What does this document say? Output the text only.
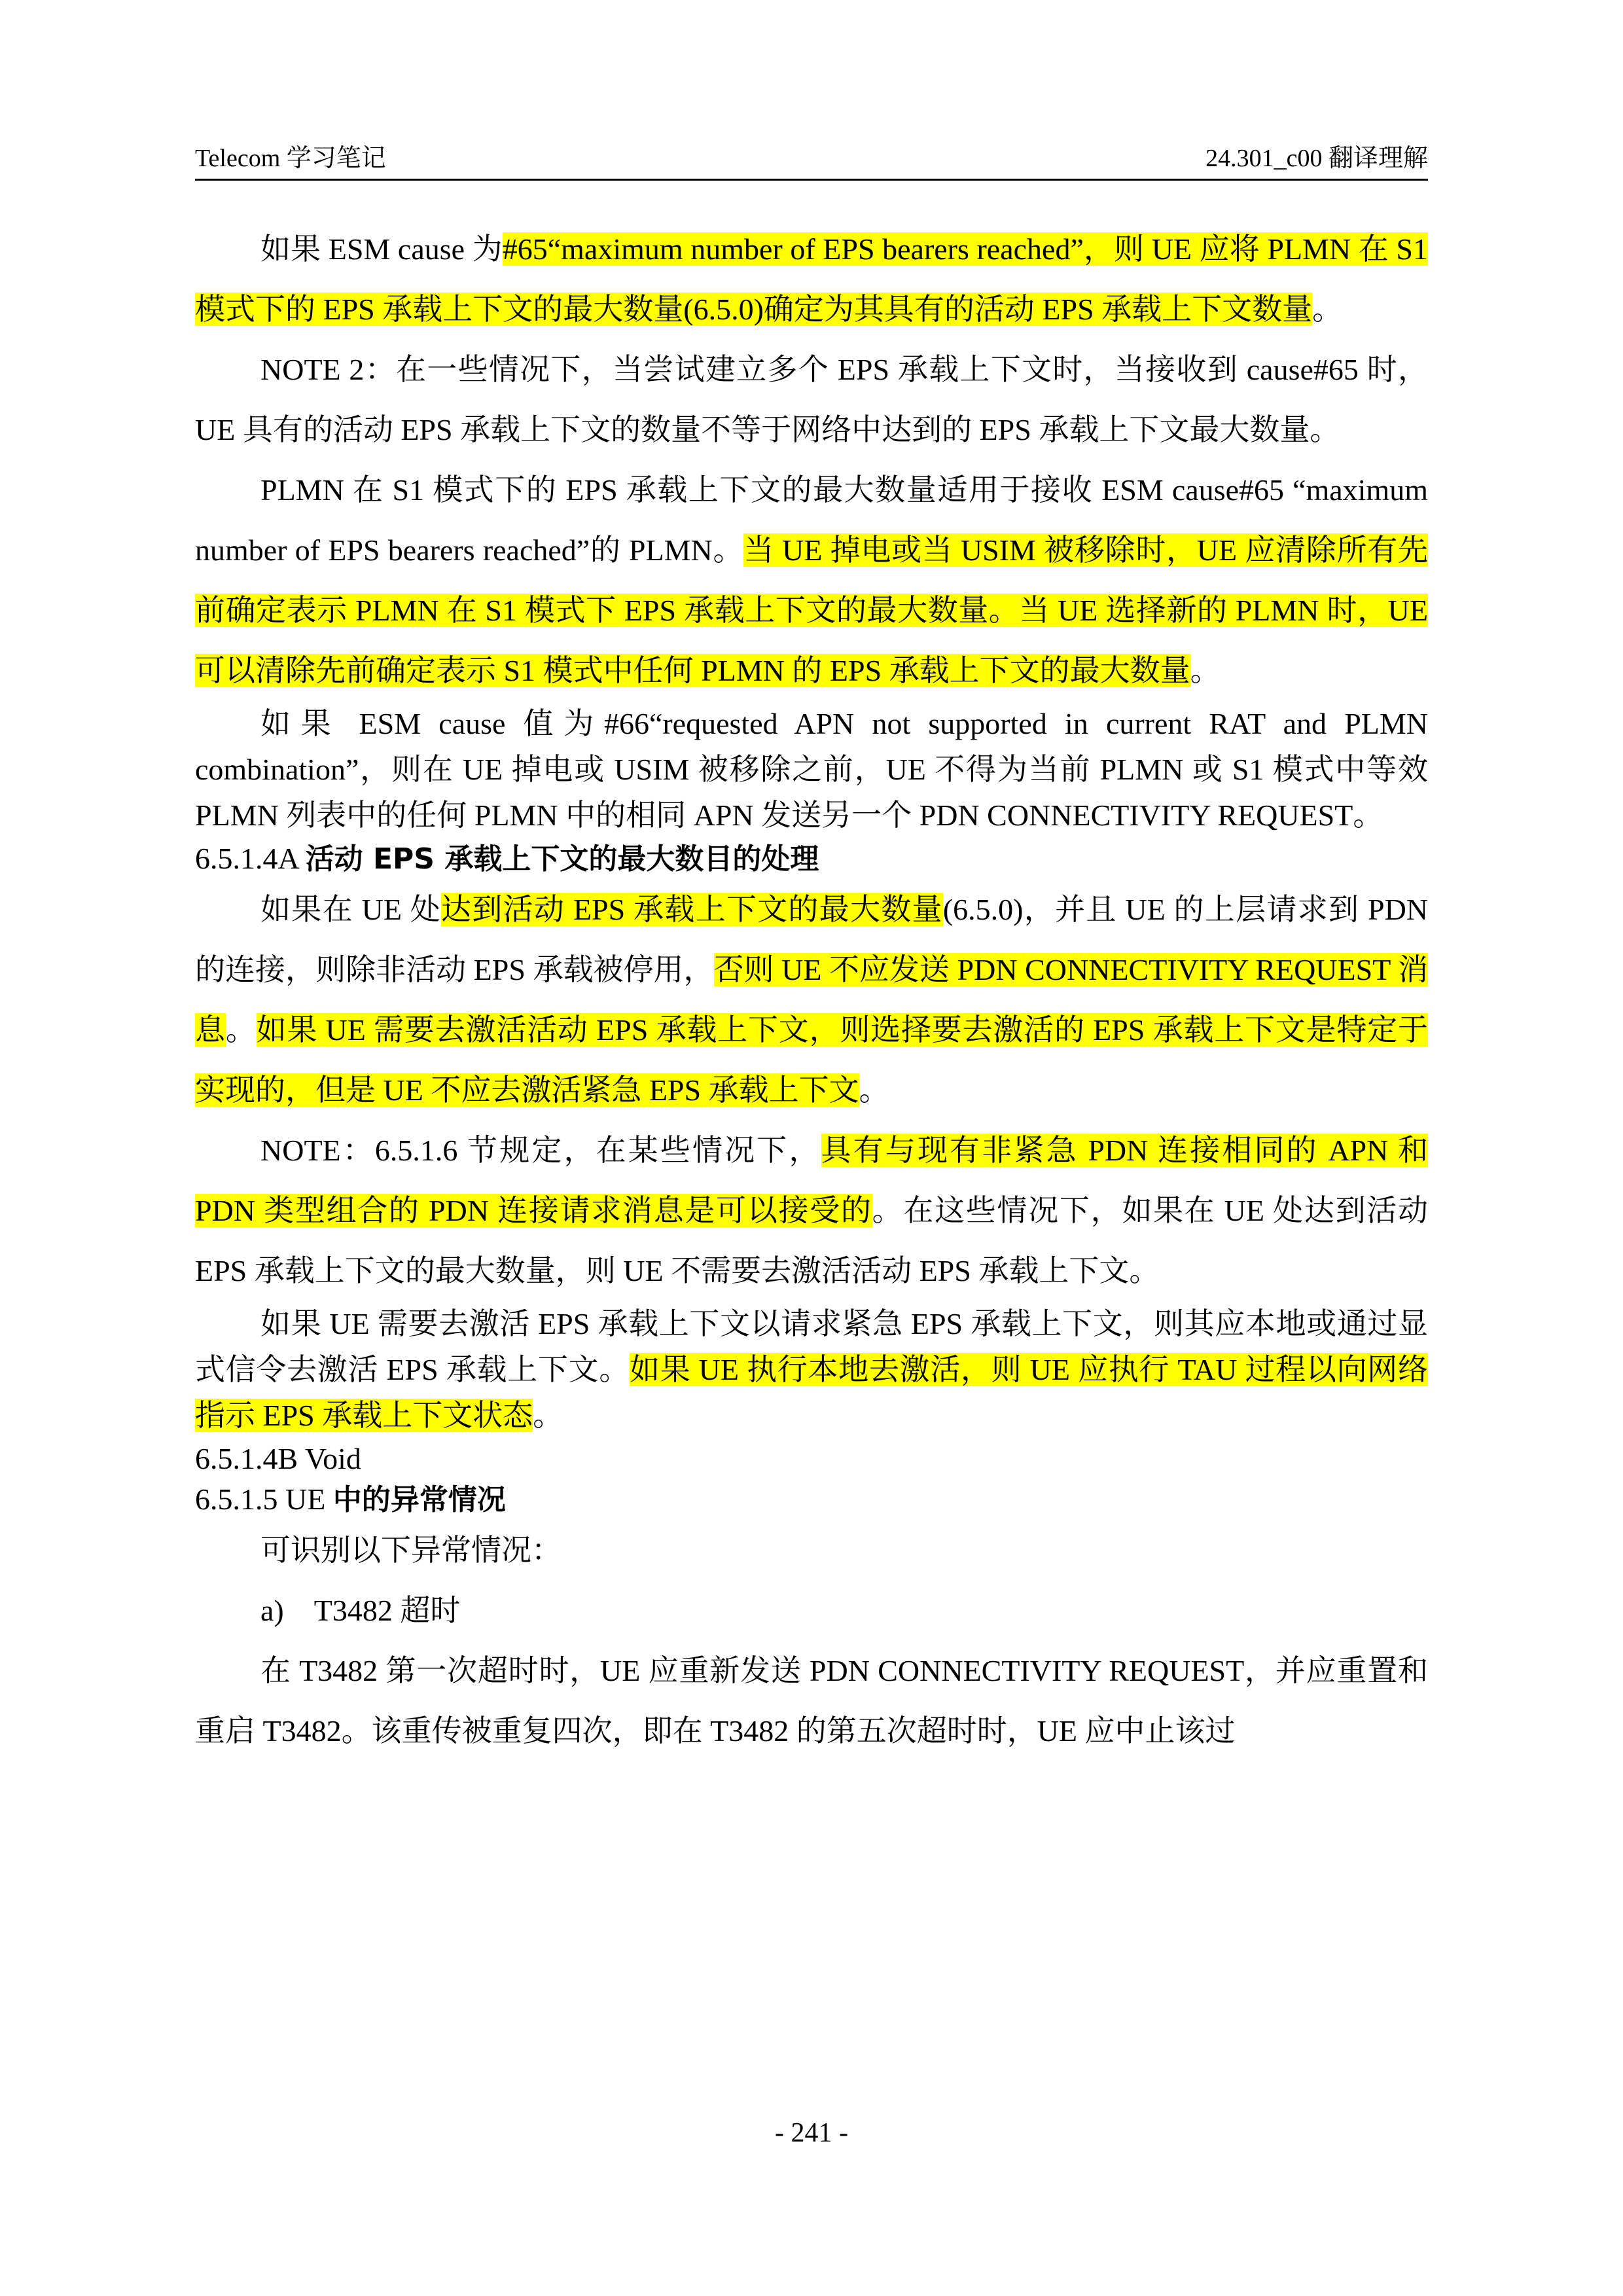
Telecom 学习笔记	24.301_c00 翻译理解

如果 ESM cause 为#65“maximum number of EPS bearers reached”，则 UE 应将 PLMN 在 S1 模式下的 EPS 承载上下文的最大数量(6.5.0)确定为其具有的活动 EPS 承载上下文数量。

NOTE 2：在一些情况下，当尝试建立多个 EPS 承载上下文时，当接收到 cause#65 时，UE 具有的活动 EPS 承载上下文的数量不等于网络中达到的 EPS 承载上下文最大数量。

PLMN 在 S1 模式下的 EPS 承载上下文的最大数量适用于接收 ESM cause#65 “maximum number of EPS bearers reached”的 PLMN。当 UE 掉电或当 USIM 被移除时，UE 应清除所有先前确定表示 PLMN 在 S1 模式下 EPS 承载上下文的最大数量。当 UE 选择新的 PLMN 时，UE 可以清除先前确定表示 S1 模式中任何 PLMN 的 EPS 承载上下文的最大数量。

如果 ESM cause 值为#66“requested APN not supported in current RAT and PLMN combination”，则在 UE 掉电或 USIM 被移除之前，UE 不得为当前 PLMN 或 S1 模式中等效 PLMN 列表中的任何 PLMN 中的相同 APN 发送另一个 PDN CONNECTIVITY REQUEST。

6.5.1.4A 活动 EPS 承载上下文的最大数目的处理

如果在 UE 处达到活动 EPS 承载上下文的最大数量(6.5.0)，并且 UE 的上层请求到 PDN 的连接，则除非活动 EPS 承载被停用，否则 UE 不应发送 PDN CONNECTIVITY REQUEST 消息。如果 UE 需要去激活活动 EPS 承载上下文，则选择要去激活的 EPS 承载上下文是特定于实现的，但是 UE 不应去激活紧急 EPS 承载上下文。

NOTE：6.5.1.6 节规定，在某些情况下，具有与现有非紧急 PDN 连接相同的 APN 和 PDN 类型组合的 PDN 连接请求消息是可以接受的。在这些情况下，如果在 UE 处达到活动 EPS 承载上下文的最大数量，则 UE 不需要去激活活动 EPS 承载上下文。

如果 UE 需要去激活 EPS 承载上下文以请求紧急 EPS 承载上下文，则其应本地或通过显式信令去激活 EPS 承载上下文。如果 UE 执行本地去激活，则 UE 应执行 TAU 过程以向网络指示 EPS 承载上下文状态。

6.5.1.4B Void
6.5.1.5 UE 中的异常情况

可识别以下异常情况：

a)　T3482 超时

在 T3482 第一次超时时，UE 应重新发送 PDN CONNECTIVITY REQUEST，并应重置和重启 T3482。该重传被重复四次，即在 T3482 的第五次超时时，UE 应中止该过

- 241 -
